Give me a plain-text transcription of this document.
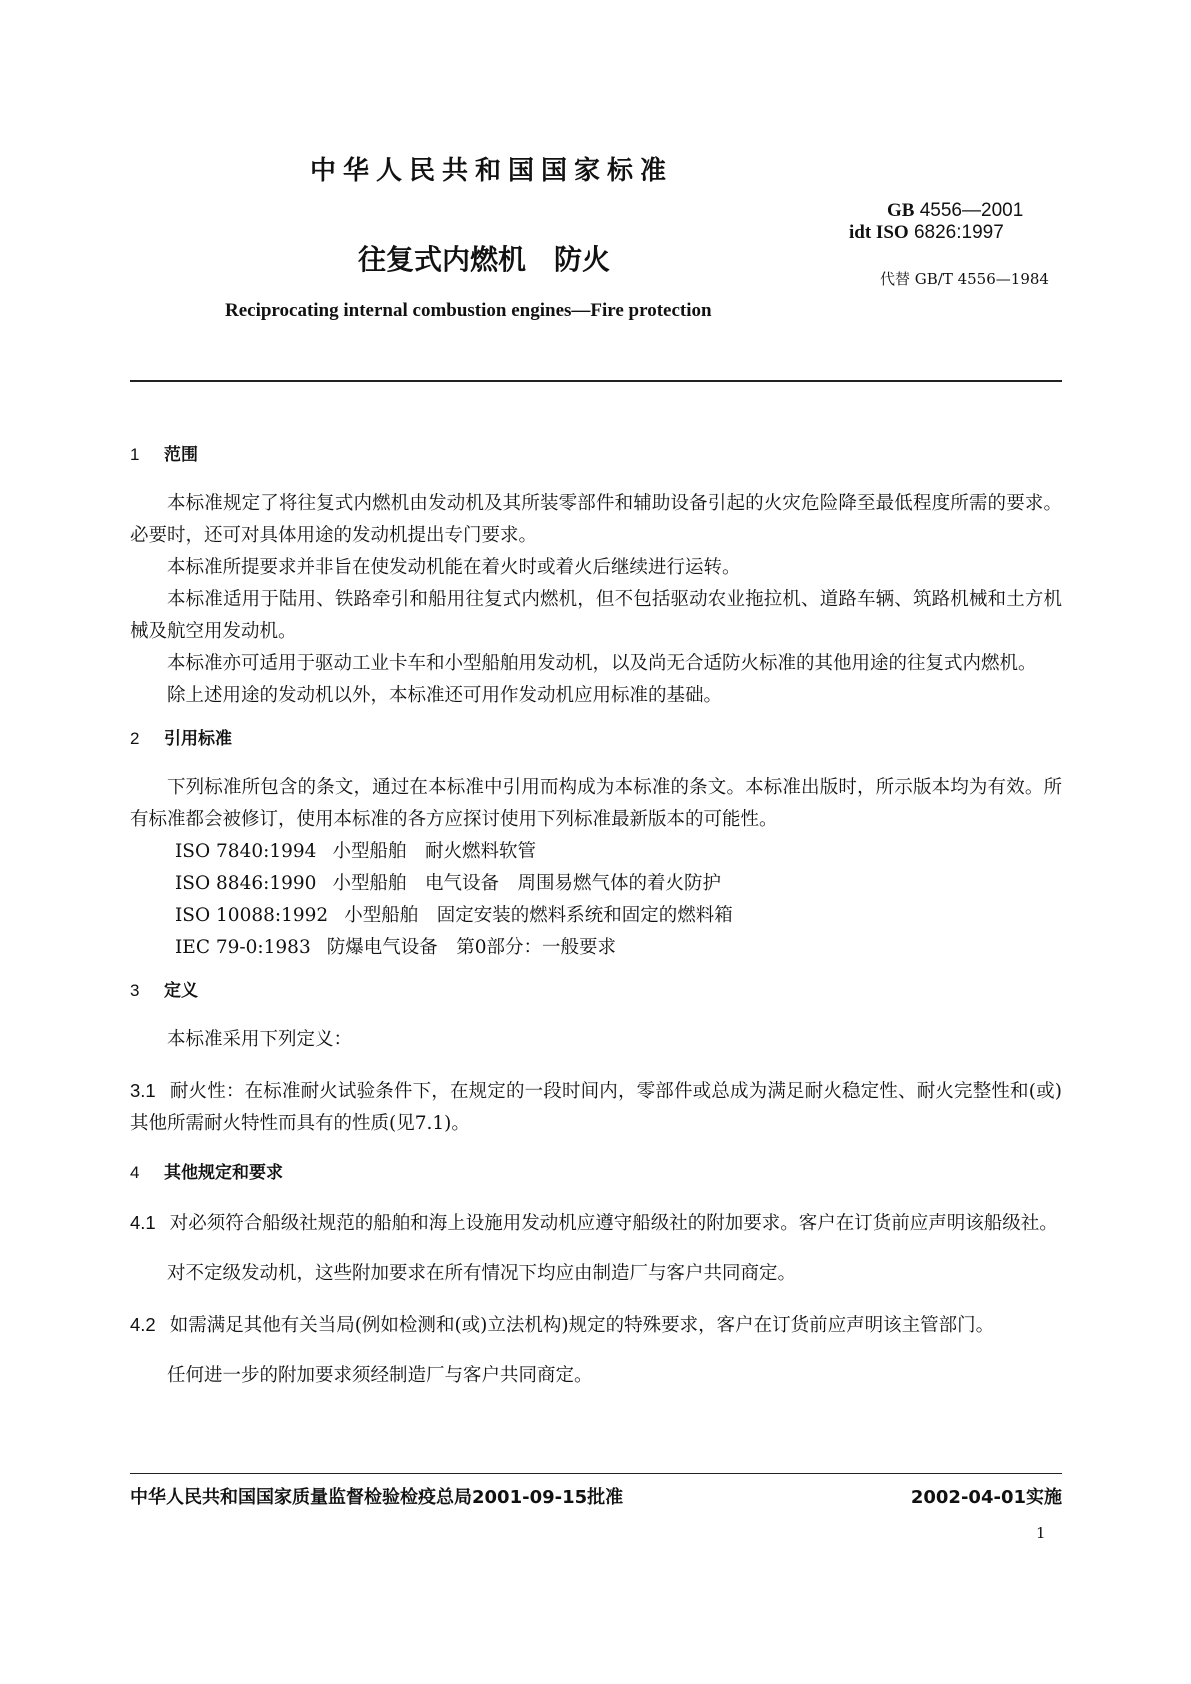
中华人民共和国国家标准
GB 4556—2001
idt ISO 6826:1997
代替 GB/T 4556—1984
往复式内燃机　防火
Reciprocating internal combustion engines—Fire protection
1 范围

本标准规定了将往复式内燃机由发动机及其所装零部件和辅助设备引起的火灾危险降至最低程度所需的要求。必要时，还可对具体用途的发动机提出专门要求。

本标准所提要求并非旨在使发动机能在着火时或着火后继续进行运转。

本标准适用于陆用、铁路牵引和船用往复式内燃机，但不包括驱动农业拖拉机、道路车辆、筑路机械和土方机械及航空用发动机。

本标准亦可适用于驱动工业卡车和小型船舶用发动机，以及尚无合适防火标准的其他用途的往复式内燃机。

除上述用途的发动机以外，本标准还可用作发动机应用标准的基础。

2 引用标准

下列标准所包含的条文，通过在本标准中引用而构成为本标准的条文。本标准出版时，所示版本均为有效。所有标准都会被修订，使用本标准的各方应探讨使用下列标准最新版本的可能性。

ISO 7840:1994 小型船舶　耐火燃料软管
ISO 8846:1990 小型船舶　电气设备　周围易燃气体的着火防护
ISO 10088:1992 小型船舶　固定安装的燃料系统和固定的燃料箱
IEC 79-0:1983 防爆电气设备　第0部分：一般要求
3 定义

本标准采用下列定义：

3.1 耐火性：在标准耐火试验条件下，在规定的一段时间内，零部件或总成为满足耐火稳定性、耐火完整性和(或)其他所需耐火特性而具有的性质(见7.1)。

4 其他规定和要求

4.1 对必须符合船级社规范的船舶和海上设施用发动机应遵守船级社的附加要求。客户在订货前应声明该船级社。

对不定级发动机，这些附加要求在所有情况下均应由制造厂与客户共同商定。

4.2 如需满足其他有关当局(例如检测和(或)立法机构)规定的特殊要求，客户在订货前应声明该主管部门。

任何进一步的附加要求须经制造厂与客户共同商定。

中华人民共和国国家质量监督检验检疫总局2001-09-15批准	2002-04-01实施
1
